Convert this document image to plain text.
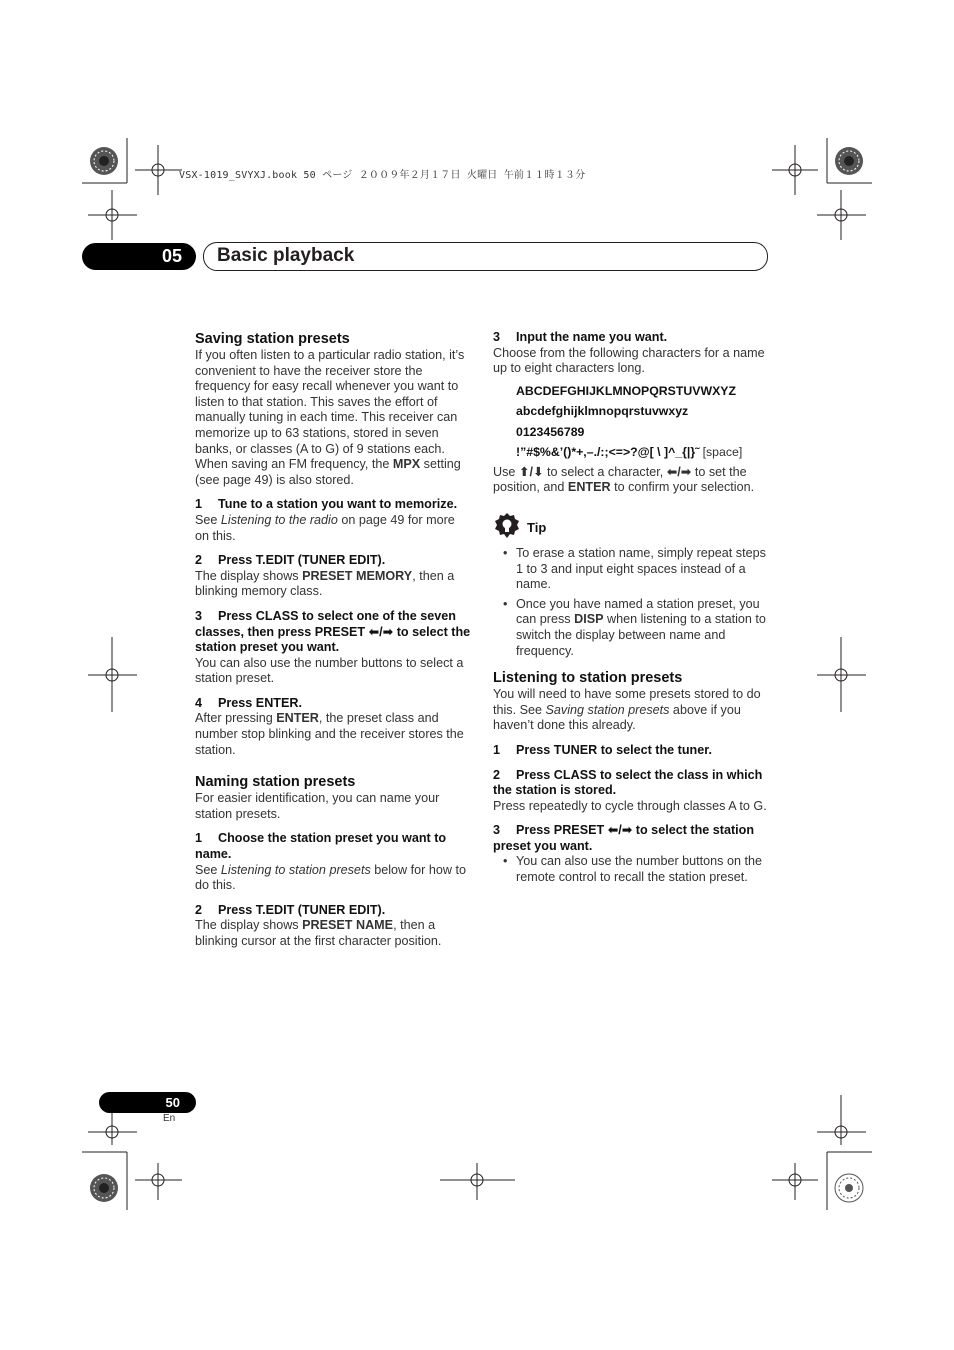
VSX-1019_SVYXJ.book 50 ページ ２００９年２月１７日 火曜日 午前１１時１３分
05	Basic playback

Saving station presets

If you often listen to a particular radio station, it’s convenient to have the receiver store the frequency for easy recall whenever you want to listen to that station. This saves the effort of manually tuning in each time. This receiver can memorize up to 63 stations, stored in seven banks, or classes (A to G) of 9 stations each. When saving an FM frequency, the MPX setting (see page 49) is also stored.

1 Tune to a station you want to memorize.

See Listening to the radio on page 49 for more on this.

2 Press T.EDIT (TUNER EDIT).

The display shows PRESET MEMORY, then a blinking memory class.

3 Press CLASS to select one of the seven classes, then press PRESET ⬅/➡ to select the station preset you want.

You can also use the number buttons to select a station preset.

4 Press ENTER.

After pressing ENTER, the preset class and number stop blinking and the receiver stores the station.

Naming station presets

For easier identification, you can name your station presets.

1 Choose the station preset you want to name.

See Listening to station presets below for how to do this.

2 Press T.EDIT (TUNER EDIT).

The display shows PRESET NAME, then a blinking cursor at the first character position.

3 Input the name you want.

Choose from the following characters for a name up to eight characters long.

ABCDEFGHIJKLMNOPQRSTUVWXYZ
abcdefghijklmnopqrstuvwxyz
0123456789
!”#$%&’()*+,–./:;<=>?@[ \ ]^_{|}˜ [space]

Use ⬆/⬇ to select a character, ⬅/➡ to set the position, and ENTER to confirm your selection.

Tip
• To erase a station name, simply repeat steps 1 to 3 and input eight spaces instead of a name.
• Once you have named a station preset, you can press DISP when listening to a station to switch the display between name and frequency.

Listening to station presets

You will need to have some presets stored to do this. See Saving station presets above if you haven’t done this already.

1 Press TUNER to select the tuner.

2 Press CLASS to select the class in which the station is stored.

Press repeatedly to cycle through classes A to G.

3 Press PRESET ⬅/➡ to select the station preset you want.

• You can also use the number buttons on the remote control to recall the station preset.
50
En
